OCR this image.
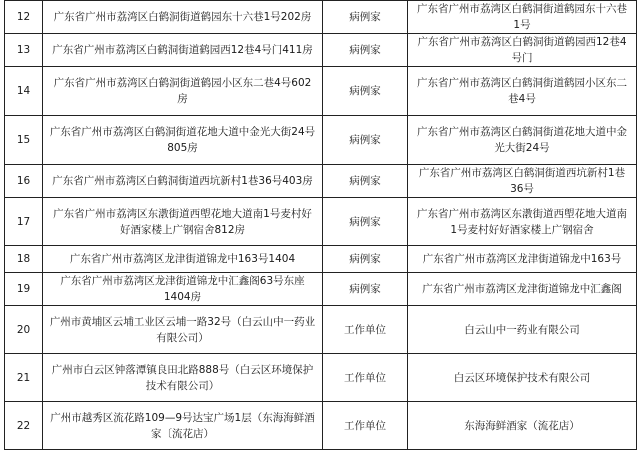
12	广东省广州市荔湾区白鹤洞街道鹤园东十六巷1号202房	病例家	广东省广州市荔湾区白鹤洞街道鹤园东十六巷1号
13	广东省广州市荔湾区白鹤洞街道鹤园西12巷4号门411房	病例家	广东省广州市荔湾区白鹤洞街道鹤园西12巷4号门
14	广东省广州市荔湾区白鹤洞街道鹤园小区东二巷4号602房	病例家	广东省广州市荔湾区白鹤洞街道鹤园小区东二巷4号
15	广东省广州市荔湾区白鹤洞街道花地大道中金光大街24号805房	病例家	广东省广州市荔湾区白鹤洞街道花地大道中金光大街24号
16	广东省广州市荔湾区白鹤洞街道西坑新村1巷36号403房	病例家	广东省广州市荔湾区白鹤洞街道西坑新村1巷36号
17	广东省广州市荔湾区东漖街道西塱花地大道南1号麦村好好酒家楼上广钢宿舍812房	病例家	广东省广州市荔湾区东漖街道西塱花地大道南1号麦村好好酒家楼上广钢宿舍
18	广东省广州市荔湾区龙津街道锦龙中163号1404	病例家	广东省广州市荔湾区龙津街道锦龙中163号
19	广东省广州市荔湾区龙津街道锦龙中汇鑫阁63号东座1404房	病例家	广东省广州市荔湾区龙津街道锦龙中汇鑫阁
20	广州市黄埔区云埔工业区云埔一路32号（白云山中一药业有限公司）	工作单位	白云山中一药业有限公司
21	广州市白云区钟落潭镇良田北路888号（白云区环境保护技术有限公司）	工作单位	白云区环境保护技术有限公司
22	广州市越秀区流花路109—9号达宝广场1层（东海海鲜酒家〔流花店）	工作单位	东海海鲜酒家（流花店）
